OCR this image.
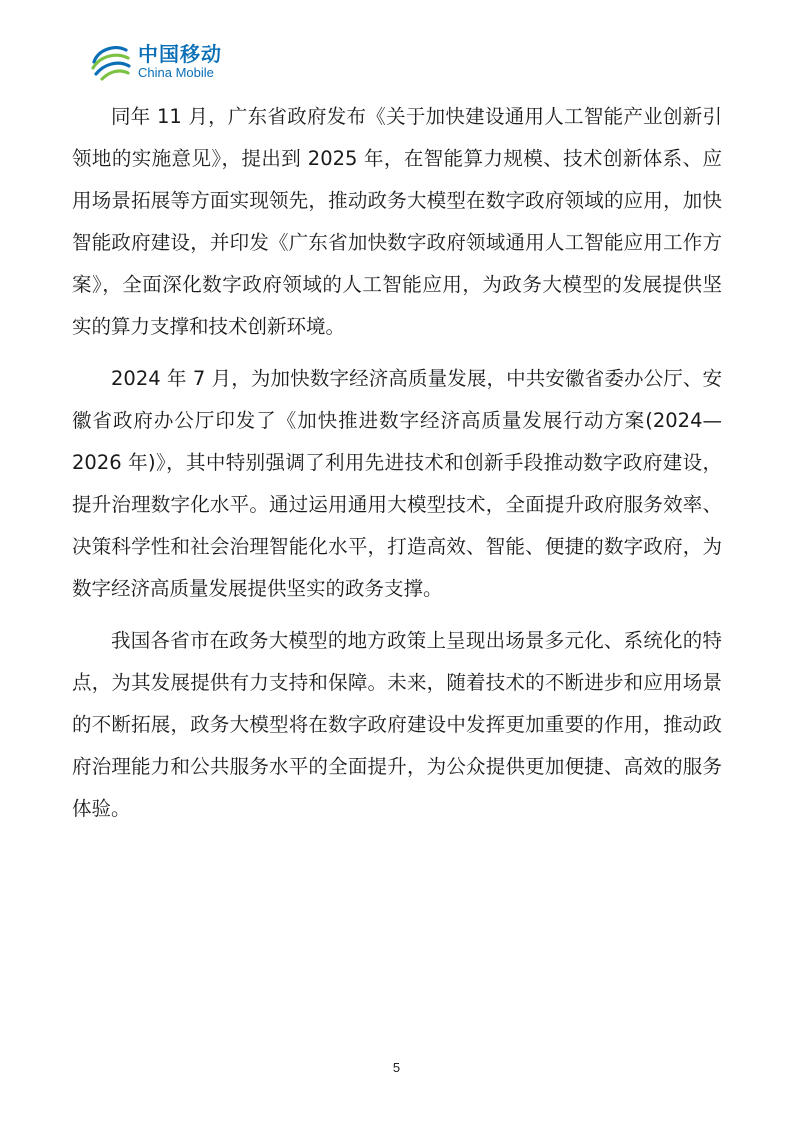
中国移动
China Mobile

同年 11 月，广东省政府发布《关于加快建设通用人工智能产业创新引领地的实施意见》，提出到 2025 年，在智能算力规模、技术创新体系、应用场景拓展等方面实现领先，推动政务大模型在数字政府领域的应用，加快智能政府建设，并印发《广东省加快数字政府领域通用人工智能应用工作方案》，全面深化数字政府领域的人工智能应用，为政务大模型的发展提供坚实的算力支撑和技术创新环境。

2024 年 7 月，为加快数字经济高质量发展，中共安徽省委办公厅、安徽省政府办公厅印发了《加快推进数字经济高质量发展行动方案(2024—2026 年)》，其中特别强调了利用先进技术和创新手段推动数字政府建设，提升治理数字化水平。通过运用通用大模型技术，全面提升政府服务效率、决策科学性和社会治理智能化水平，打造高效、智能、便捷的数字政府，为数字经济高质量发展提供坚实的政务支撑。

我国各省市在政务大模型的地方政策上呈现出场景多元化、系统化的特点，为其发展提供有力支持和保障。未来，随着技术的不断进步和应用场景的不断拓展，政务大模型将在数字政府建设中发挥更加重要的作用，推动政府治理能力和公共服务水平的全面提升，为公众提供更加便捷、高效的服务体验。

5
